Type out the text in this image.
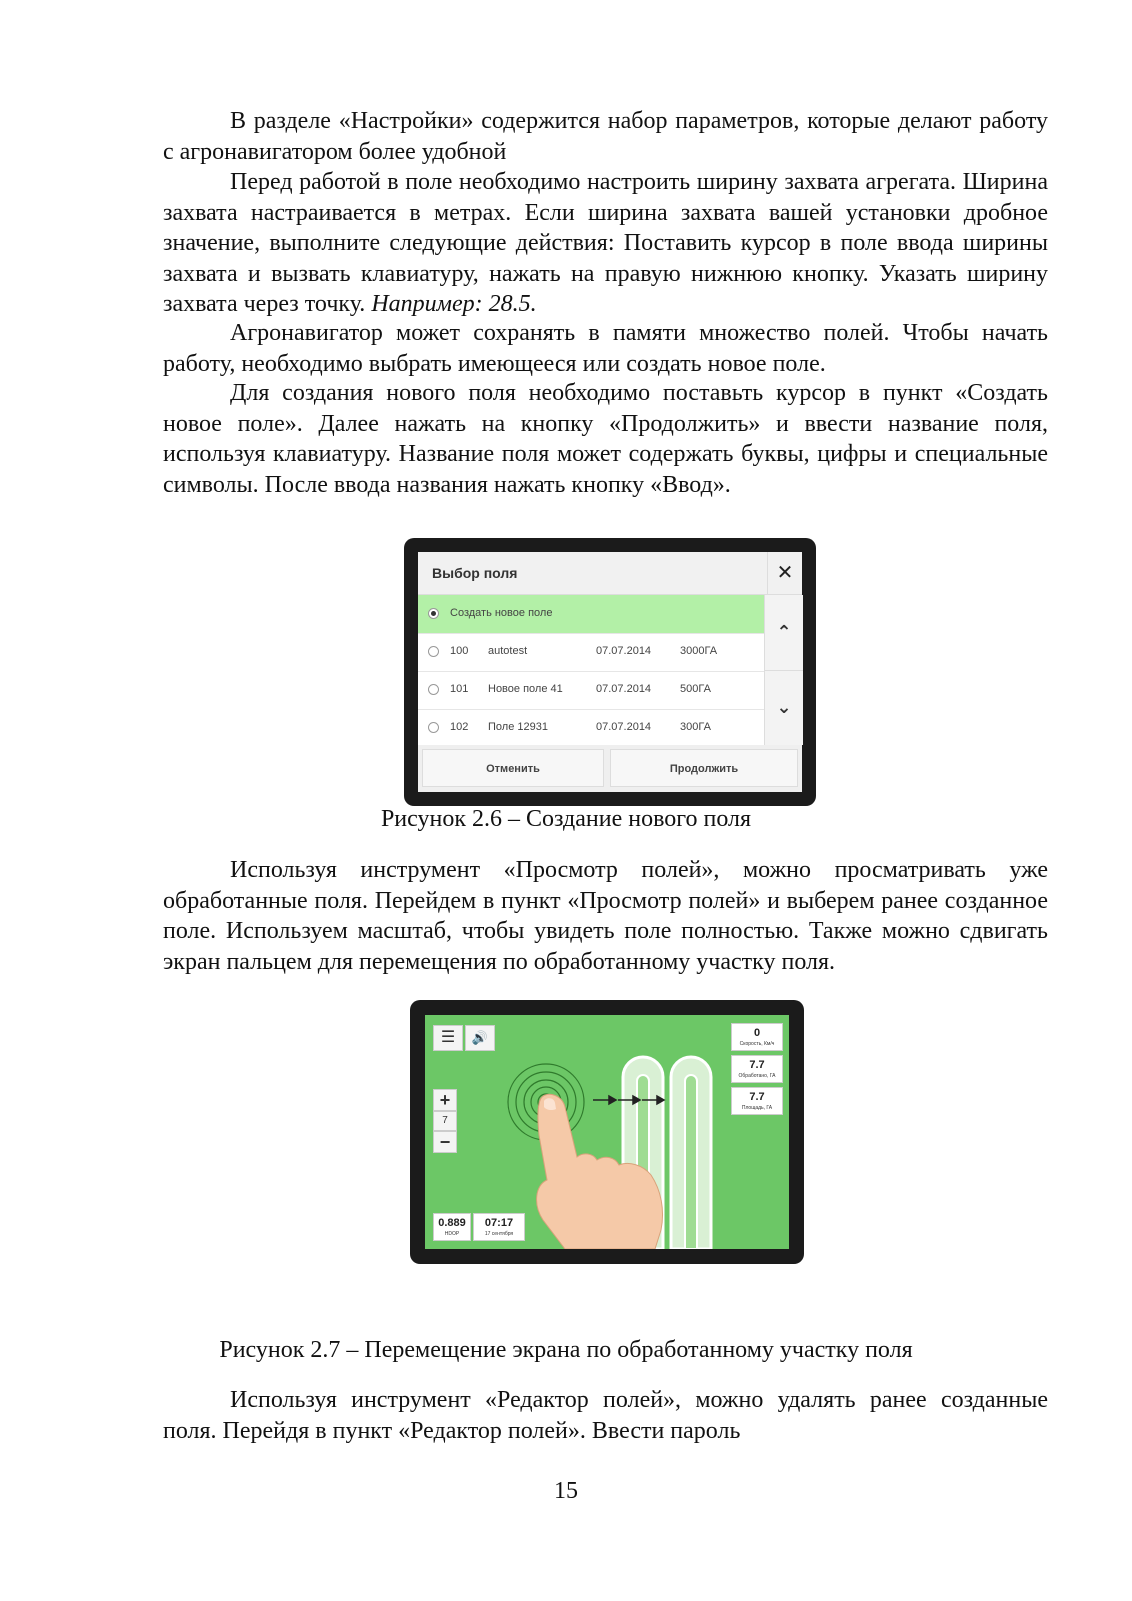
В разделе «Настройки» содержится набор параметров, которые делают работу с агронавигатором более удобной

Перед работой в поле необходимо настроить ширину захвата агрегата. Ширина захвата настраивается в метрах. Если ширина захвата вашей установки дробное значение, выполните следующие действия: Поставить курсор в поле ввода ширины захвата и вызвать клавиатуру, нажать на правую нижнюю кнопку. Указать ширину захвата через точку. Например: 28.5.

Агронавигатор может сохранять в памяти множество полей. Чтобы начать работу, необходимо выбрать имеющееся или создать новое поле.

Для создания нового поля необходимо поставьть курсор в пункт «Создать новое поле». Далее нажать на кнопку «Продолжить» и ввести название поля, используя клавиатуру. Название поля может содержать буквы, цифры и специальные символы. После ввода названия нажать кнопку «Ввод».

Выбор поля	✕
Создать новое поле
100 autotest	07.07.2014	3000ГА
101 Новое поле 41	07.07.2014	500ГА
102 Поле 12931	07.07.2014	300ГА
⌃
⌄
Отменить	Продолжить

Рисунок 2.6 – Создание нового поля

Используя инструмент «Просмотр полей», можно просматривать уже обработанные поля. Перейдем в пункт «Просмотр полей» и выберем ранее созданное поле. Используем масштаб, чтобы увидеть поле полностью. Также можно сдвигать экран пальцем для перемещения по обработанному участку поля.

☰	🔊
+
7
−
0
Скорость, Км/ч
7.7
Обработано, ГА
7.7
Площадь, ГА
0.889
HDOP
07:17
17 сентября

Рисунок 2.7 – Перемещение экрана по обработанному участку поля

Используя инструмент «Редактор полей», можно удалять ранее созданные поля. Перейдя в пункт «Редактор полей». Ввести пароль

15
